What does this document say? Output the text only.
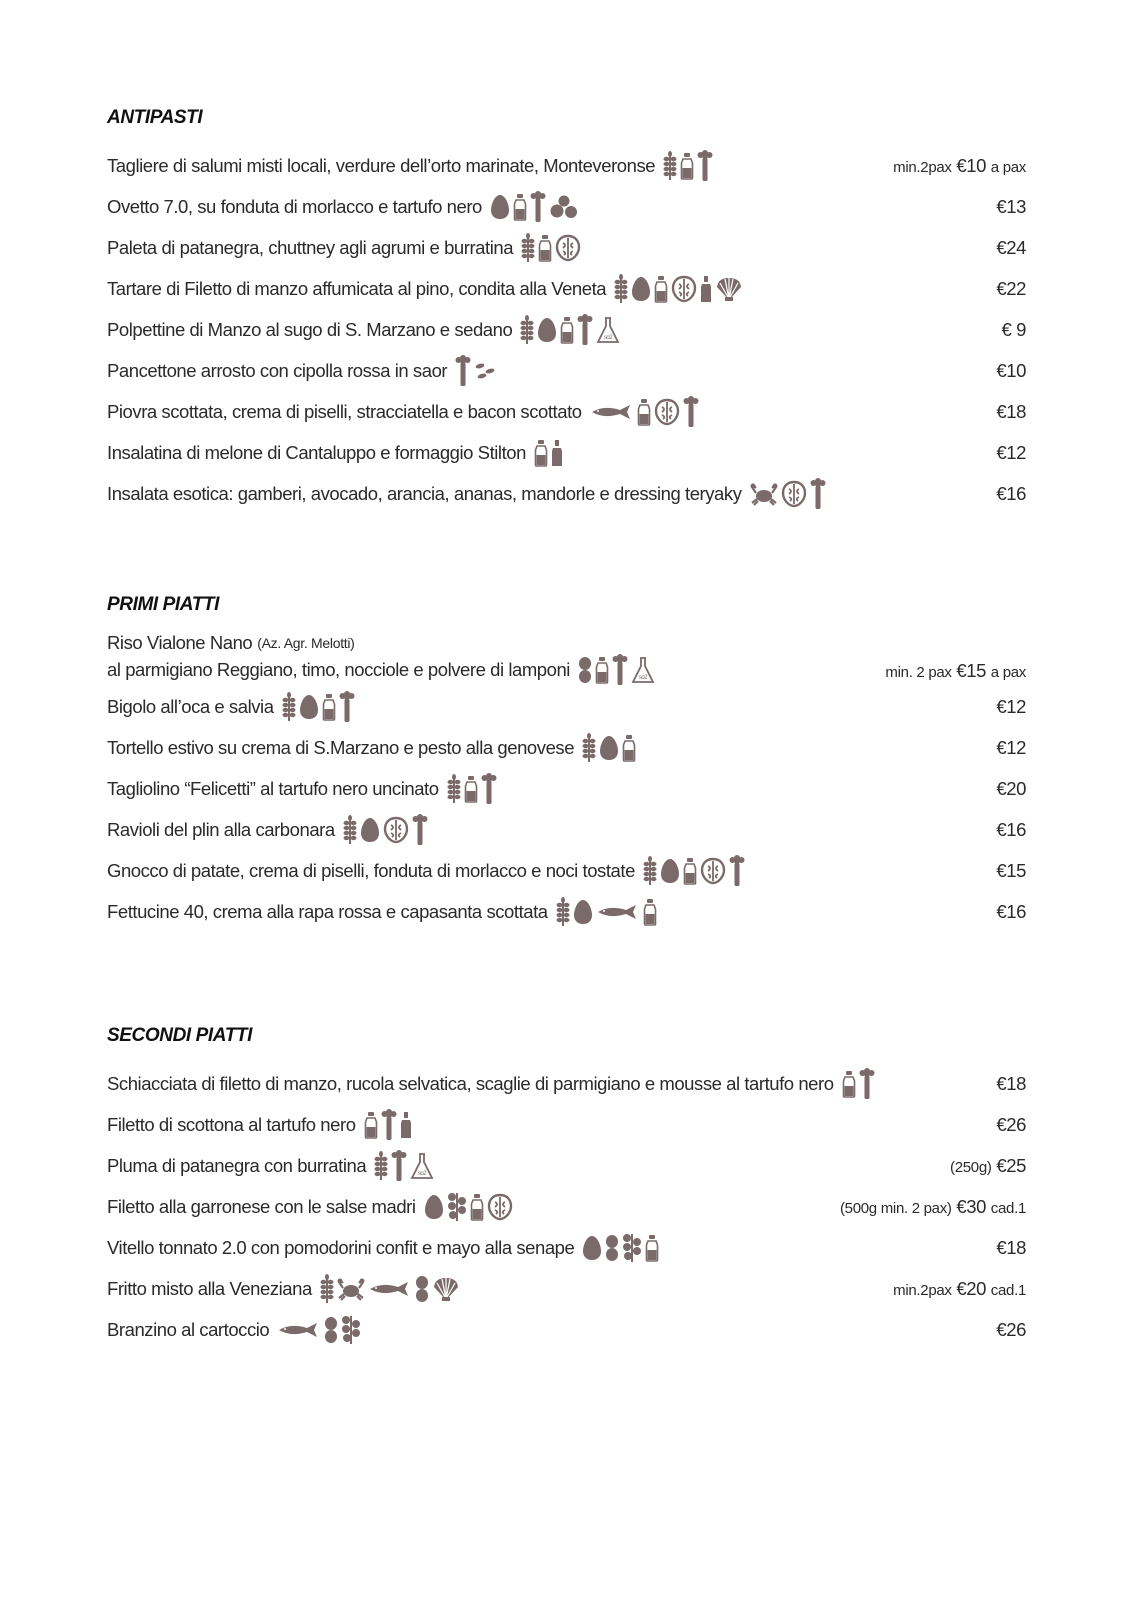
ANTIPASTI
Tagliere di salumi misti locali, verdure dell’orto marinate, Monteveronse	min.2pax €10 a pax
Ovetto 7.0, su fonduta di morlacco e tartufo nero	€13
Paleta di patanegra, chuttney agli agrumi e burratina	€24
Tartare di Filetto di manzo affumicata al pino, condita alla Veneta	€22
Polpettine di Manzo al sugo di S. Marzano e sedano	so2	€ 9
Pancettone arrosto con cipolla rossa in saor	€10
Piovra scottata, crema di piselli, stracciatella e bacon scottato	€18
Insalatina di melone di Cantaluppo e formaggio Stilton	€12
Insalata esotica: gamberi, avocado, arancia, ananas, mandorle e dressing teryaky	€16
PRIMI PIATTI
Riso Vialone Nano (Az. Agr. Melotti)
al parmigiano Reggiano, timo, nocciole e polvere di lamponi	so2	min. 2 pax €15 a pax
Bigolo all’oca e salvia	€12
Tortello estivo su crema di S.Marzano e pesto alla genovese	€12
Tagliolino “Felicetti” al tartufo nero uncinato	€20
Ravioli del plin alla carbonara	€16
Gnocco di patate, crema di piselli, fonduta di morlacco e noci tostate	€15
Fettucine 40, crema alla rapa rossa e capasanta scottata	€16
SECONDI PIATTI
Schiacciata di filetto di manzo, rucola selvatica, scaglie di parmigiano e mousse al tartufo nero	€18
Filetto di scottona al tartufo nero	€26
Pluma di patanegra con burratina	so2	(250g) €25
Filetto alla garronese con le salse madri	(500g min. 2 pax) €30 cad.1
Vitello tonnato 2.0 con pomodorini confit e mayo alla senape	€18
Fritto misto alla Veneziana	min.2pax €20 cad.1
Branzino al cartoccio	€26
